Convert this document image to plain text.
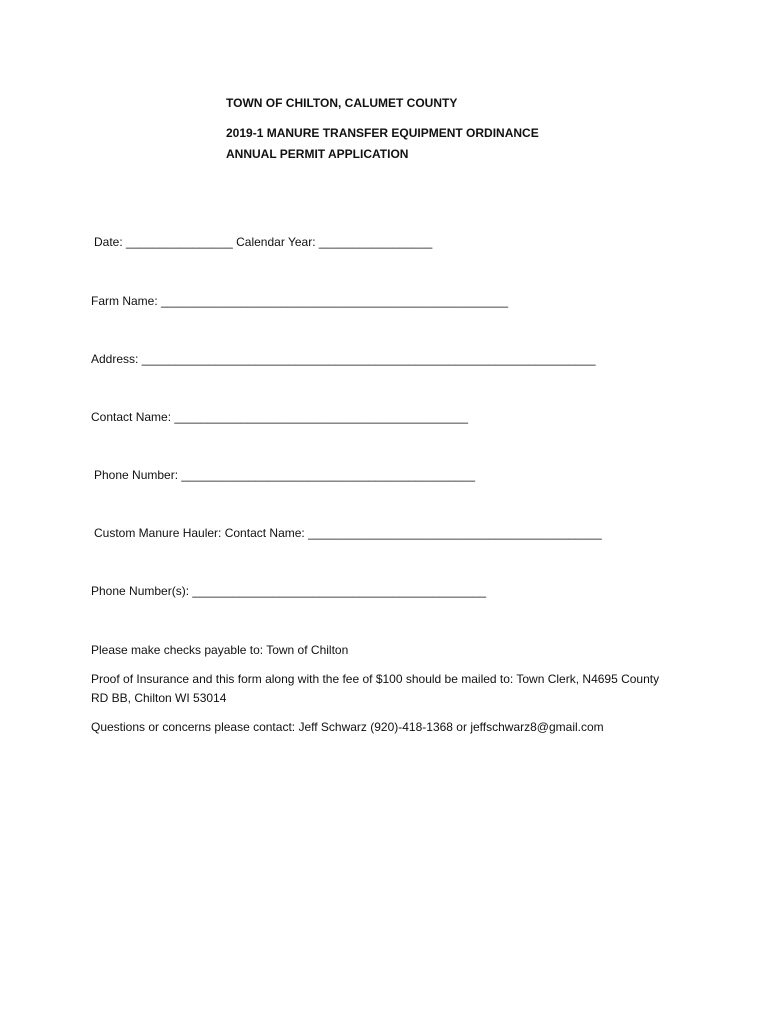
TOWN OF CHILTON, CALUMET COUNTY
2019-1 MANURE TRANSFER EQUIPMENT ORDINANCE
ANNUAL PERMIT APPLICATION
Date: ________________ Calendar Year: _________________
Farm Name: ____________________________________________________
Address: ____________________________________________________________________
Contact Name: ____________________________________________
Phone Number: ____________________________________________
Custom Manure Hauler: Contact Name: ____________________________________________
Phone Number(s): ____________________________________________
Please make checks payable to: Town of Chilton
Proof of Insurance and this form along with the fee of $100 should be mailed to: Town Clerk, N4695 County RD BB, Chilton WI 53014
Questions or concerns please contact: Jeff Schwarz (920)-418-1368 or jeffschwarz8@gmail.com
